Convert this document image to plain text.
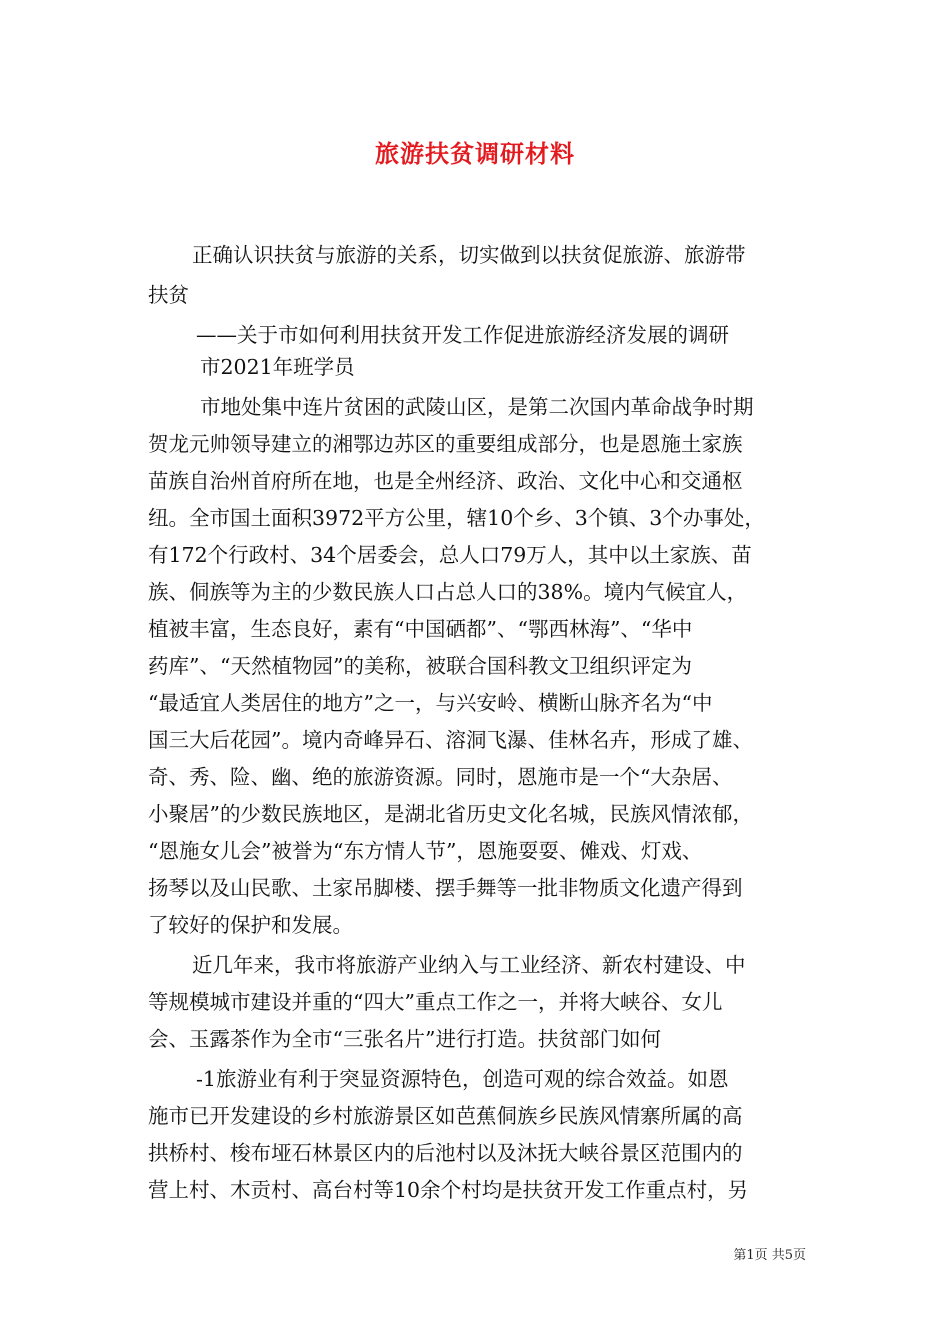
旅游扶贫调研材料
正确认识扶贫与旅游的关系，切实做到以扶贫促旅游、旅游带
扶贫
——关于市如何利用扶贫开发工作促进旅游经济发展的调研
市2021年班学员
市地处集中连片贫困的武陵山区，是第二次国内革命战争时期
贺龙元帅领导建立的湘鄂边苏区的重要组成部分，也是恩施土家族
苗族自治州首府所在地，也是全州经济、政治、文化中心和交通枢
纽。全市国土面积3972平方公里，辖10个乡、3个镇、3个办事处，
有172个行政村、34个居委会，总人口79万人，其中以土家族、苗
族、侗族等为主的少数民族人口占总人口的38%。境内气候宜人，
植被丰富，生态良好，素有“中国硒都”、“鄂西林海”、“华中
药库”、“天然植物园”的美称，被联合国科教文卫组织评定为
“最适宜人类居住的地方”之一，与兴安岭、横断山脉齐名为“中
国三大后花园”。境内奇峰异石、溶洞飞瀑、佳林名卉，形成了雄、
奇、秀、险、幽、绝的旅游资源。同时，恩施市是一个“大杂居、
小聚居”的少数民族地区，是湖北省历史文化名城，民族风情浓郁，
“恩施女儿会”被誉为“东方情人节”，恩施耍耍、傩戏、灯戏、
扬琴以及山民歌、土家吊脚楼、摆手舞等一批非物质文化遗产得到
了较好的保护和发展。
近几年来，我市将旅游产业纳入与工业经济、新农村建设、中
等规模城市建设并重的“四大”重点工作之一，并将大峡谷、女儿
会、玉露茶作为全市“三张名片”进行打造。扶贫部门如何
-1旅游业有利于突显资源特色，创造可观的综合效益。如恩
施市已开发建设的乡村旅游景区如芭蕉侗族乡民族风情寨所属的高
拱桥村、梭布垭石林景区内的后池村以及沐抚大峡谷景区范围内的
营上村、木贡村、高台村等10余个村均是扶贫开发工作重点村，另
第1页 共5页
